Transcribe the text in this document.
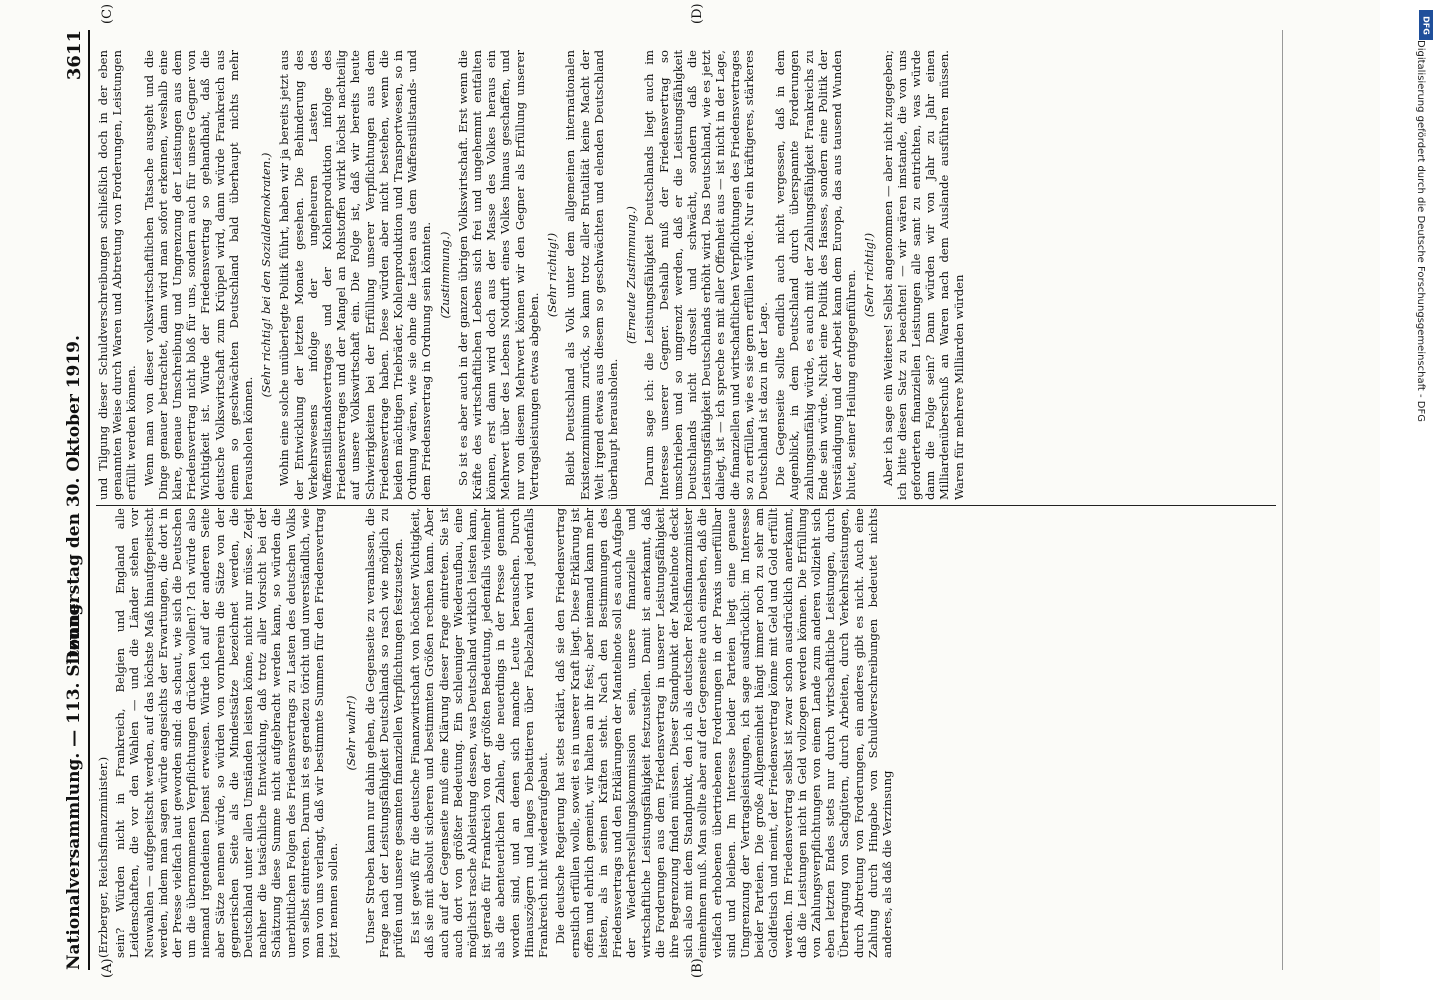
Nationalversammlung. — 113. Sitzung.
Donnerstag den 30. Oktober 1919.
3611
(A)	(B)
(C)	(D)

(Erzberger, Reichsfinanzminister.) sein? Würden nicht in Frankreich, Belgien und England alle Leidenschaften, die vor den Wahlen — und die Länder stehen vor Neuwahlen — aufgepeitscht werden, auf das höchste Maß hinaufgepeitscht werden, indem man sagen würde angesichts der Erwartungen, die dort in der Presse vielfach laut geworden sind: da schaut, wie sich die Deutschen um die übernommenen Verpflichtungen drücken wollen!? Ich würde also niemand irgendeinen Dienst erweisen. Würde ich auf der anderen Seite aber Sätze nennen würde, so würden von vornherein die Sätze von der gegnerischen Seite als die Mindestsätze bezeichnet werden, die Deutschland unter allen Umständen leisten könne, nicht nur müsse. Zeigt nachher die tatsächliche Entwicklung, daß trotz aller Vorsicht bei der Schätzung diese Summe nicht aufgebracht werden kann, so würden die unerbittlichen Folgen des Friedensvertrags zu Lasten des deutschen Volks von selbst eintreten. Darum ist es geradezu töricht und unverständlich, wie man von uns verlangt, daß wir bestimmte Summen für den Friedensvertrag jetzt nennen sollen.

(Sehr wahr!) Unser Streben kann nur dahin gehen, die Gegenseite zu veranlassen, die Frage nach der Leistungsfähigkeit Deutschlands so rasch wie möglich zu prüfen und unsere gesamten finanziellen Verpflichtungen festzusetzen. Es ist gewiß für die deutsche Finanzwirtschaft von höchster Wichtigkeit, daß sie mit absolut sicheren und bestimmten Größen rechnen kann. Aber auch auf der Gegenseite muß eine Klärung dieser Frage eintreten. Sie ist auch dort von größter Bedeutung. Ein schleuniger Wiederaufbau, eine möglichst rasche Ableistung dessen, was Deutschland wirklich leisten kann, ist gerade für Frankreich von der größten Bedeutung, jedenfalls vielmehr als die abenteuerlichen Zahlen, die neuerdings in der Presse genannt worden sind, und an denen sich manche Leute berauschen. Durch Hinauszögern und langes Debattieren über Fabelzahlen wird jedenfalls Frankreich nicht wiederaufgebaut. Die deutsche Regierung hat stets erklärt, daß sie den Friedensvertrag ernstlich erfüllen wolle, soweit es in unserer Kraft liegt. Diese Erklärung ist offen und ehrlich gemeint, wir halten an ihr fest; aber niemand kann mehr leisten, als in seinen Kräften steht. Nach den Bestimmungen des Friedensvertrags und den Erklärungen der Mantelnote soll es auch Aufgabe der Wiederherstellungskommission sein, unsere finanzielle und wirtschaftliche Leistungsfähigkeit festzustellen. Damit ist anerkannt, daß die Forderungen aus dem Friedensvertrag in unserer Leistungsfähigkeit ihre Begrenzung finden müssen. Dieser Standpunkt der Mantelnote deckt sich also mit dem Standpunkt, den ich als deutscher Reichsfinanzminister einnehmen muß. Man sollte aber auf der Gegenseite auch einsehen, daß die vielfach erhobenen übertriebenen Forderungen in der Praxis unerfüllbar sind und bleiben. Im Interesse beider Parteien liegt eine genaue Umgrenzung der Vertragsleistungen, ich sage ausdrücklich: im Interesse beider Parteien. Die große Allgemeinheit hängt immer noch zu sehr am Goldfetisch und meint, der Friedensvertrag könne mit Geld und Gold erfüllt werden. Im Friedensvertrag selbst ist zwar schon ausdrücklich anerkannt, daß die Leistungen nicht in Geld vollzogen werden können. Die Erfüllung von Zahlungsverpflichtungen von einem Lande zum anderen vollzieht sich eben letzten Endes stets nur durch wirtschaftliche Leistungen, durch Übertragung von Sachgütern, durch Arbeiten, durch Verkehrsleistungen, durch Abtretung von Forderungen, ein anderes gibt es nicht. Auch eine Zahlung durch Hingabe von Schuldverschreibungen bedeutet nichts anderes, als daß die Verzinsung

und Tilgung dieser Schuldverschreibungen schließlich doch in der eben genannten Weise durch Waren und Abtretung von Forderungen, Leistungen erfüllt werden können. Wenn man von dieser volkswirtschaftlichen Tatsache ausgeht und die Dinge genauer betrachtet, dann wird man sofort erkennen, weshalb eine klare, genaue Umschreibung und Umgrenzung der Leistungen aus dem Friedensvertrag nicht bloß für uns, sondern auch für unsere Gegner von Wichtigkeit ist. Würde der Friedensvertrag so gehandhabt, daß die deutsche Volkswirtschaft zum Krüppel wird, dann würde Frankreich aus einem so geschwächten Deutschland bald überhaupt nichts mehr herausholen können.

(Sehr richtig! bei den Sozialdemokraten.) Wohin eine solche unüberlegte Politik führt, haben wir ja bereits jetzt aus der Entwicklung der letzten Monate gesehen. Die Behinderung des Verkehrswesens infolge der ungeheuren Lasten des Waffenstillstandsvertrages und der Kohlenproduktion infolge des Friedensvertrages und der Mangel an Rohstoffen wirkt höchst nachteilig auf unsere Volkswirtschaft ein. Die Folge ist, daß wir bereits heute Schwierigkeiten bei der Erfüllung unserer Verpflichtungen aus dem Friedensvertrage haben. Diese würden aber nicht bestehen, wenn die beiden mächtigen Triebräder, Kohlenproduktion und Transportwesen, so in Ordnung wären, wie sie ohne die Lasten aus dem Waffenstillstands- und dem Friedensvertrag in Ordnung sein könnten. (Zustimmung.) So ist es aber auch in der ganzen übrigen Volkswirtschaft. Erst wenn die Kräfte des wirtschaftlichen Lebens sich frei und ungehemmt entfalten können, erst dann wird doch aus der Masse des Volkes heraus ein Mehrwert über des Lebens Notdurft eines Volkes hinaus geschaffen, und nur von diesem Mehrwert können wir den Gegner als Erfüllung unserer Vertragsleistungen etwas abgeben.

(Sehr richtig!) Bleibt Deutschland als Volk unter dem allgemeinen internationalen Existenzminimum zurück, so kann trotz aller Brutalität keine Macht der Welt irgend etwas aus diesem so geschwächten und elenden Deutschland überhaupt herausholen.

(Erneute Zustimmung.) Darum sage ich: die Leistungsfähigkeit Deutschlands liegt auch im Interesse unserer Gegner. Deshalb muß der Friedensvertrag so umschrieben und so umgrenzt werden, daß er die Leistungsfähigkeit Deutschlands nicht drosselt und schwächt, sondern daß die Leistungsfähigkeit Deutschlands erhöht wird. Das Deutschland, wie es jetzt daliegt, ist — ich spreche es mit aller Offenheit aus — ist nicht in der Lage, die finanziellen und wirtschaftlichen Verpflichtungen des Friedensvertrages so zu erfüllen, wie es sie gern erfüllen würde. Nur ein kräftigeres, stärkeres Deutschland ist dazu in der Lage. Die Gegenseite sollte endlich auch nicht vergessen, daß in dem Augenblick, in dem Deutschland durch überspannte Forderungen zahlungsunfähig würde, es auch mit der Zahlungsfähigkeit Frankreichs zu Ende sein würde. Nicht eine Politik des Hasses, sondern eine Politik der Verständigung und der Arbeit kann dem Europa, das aus tausend Wunden blutet, seiner Heilung entgegenführen. (Sehr richtig!) Aber ich sage ein Weiteres! Selbst angenommen — aber nicht zugegeben; ich bitte diesen Satz zu beachten! — wir wären imstande, die von uns geforderten finanziellen Leistungen alle samt zu entrichten, was würde dann die Folge sein? Dann würden wir von Jahr zu Jahr einen Milliardenüberschuß an Waren nach dem Auslande ausführen müssen. Waren für mehrere Milliarden würden

DFG
Digitalisierung gefördert durch die Deutsche Forschungsgemeinschaft - DFG
